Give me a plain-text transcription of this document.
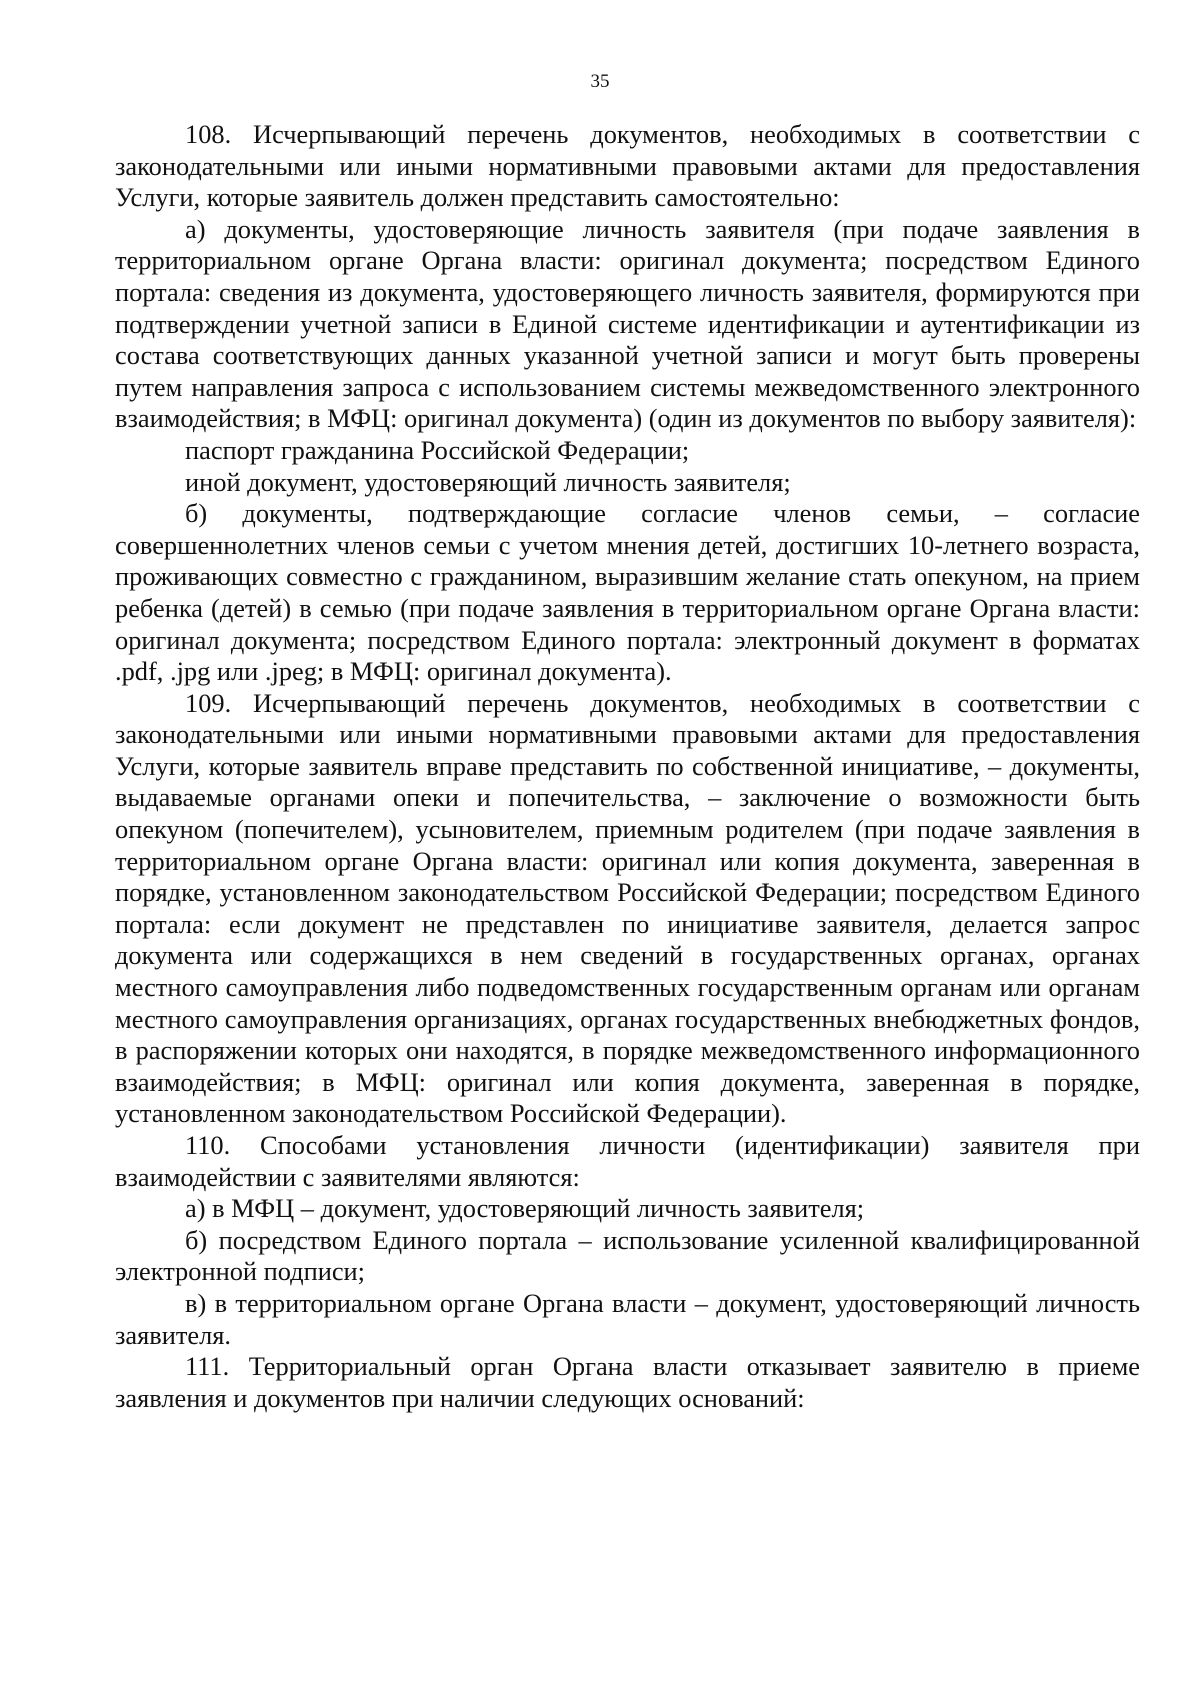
35

108. Исчерпывающий перечень документов, необходимых в соответствии с законодательными или иными нормативными правовыми актами для предоставления Услуги, которые заявитель должен представить самостоятельно:

а) документы, удостоверяющие личность заявителя (при подаче заявления в территориальном органе Органа власти: оригинал документа; посредством Единого портала: сведения из документа, удостоверяющего личность заявителя, формируются при подтверждении учетной записи в Единой системе идентификации и аутентификации из состава соответствующих данных указанной учетной записи и могут быть проверены путем направления запроса с использованием системы межведомственного электронного взаимодействия; в МФЦ: оригинал документа) (один из документов по выбору заявителя):

паспорт гражданина Российской Федерации;

иной документ, удостоверяющий личность заявителя;

б) документы, подтверждающие согласие членов семьи, – согласие совершеннолетних членов семьи с учетом мнения детей, достигших 10-летнего возраста, проживающих совместно с гражданином, выразившим желание стать опекуном, на прием ребенка (детей) в семью (при подаче заявления в территориальном органе Органа власти: оригинал документа; посредством Единого портала: электронный документ в форматах .pdf, .jpg или .jpeg; в МФЦ: оригинал документа).

109. Исчерпывающий перечень документов, необходимых в соответствии с законодательными или иными нормативными правовыми актами для предоставления Услуги, которые заявитель вправе представить по собственной инициативе, – документы, выдаваемые органами опеки и попечительства, – заключение о возможности быть опекуном (попечителем), усыновителем, приемным родителем (при подаче заявления в территориальном органе Органа власти: оригинал или копия документа, заверенная в порядке, установленном законодательством Российской Федерации; посредством Единого портала: если документ не представлен по инициативе заявителя, делается запрос документа или содержащихся в нем сведений в государственных органах, органах местного самоуправления либо подведомственных государственным органам или органам местного самоуправления организациях, органах государственных внебюджетных фондов, в распоряжении которых они находятся, в порядке межведомственного информационного взаимодействия; в МФЦ: оригинал или копия документа, заверенная в порядке, установленном законодательством Российской Федерации).

110. Способами установления личности (идентификации) заявителя при взаимодействии с заявителями являются:

а) в МФЦ – документ, удостоверяющий личность заявителя;

б) посредством Единого портала – использование усиленной квалифицированной электронной подписи;

в) в территориальном органе Органа власти – документ, удостоверяющий личность заявителя.

111. Территориальный орган Органа власти отказывает заявителю в приеме заявления и документов при наличии следующих оснований:
